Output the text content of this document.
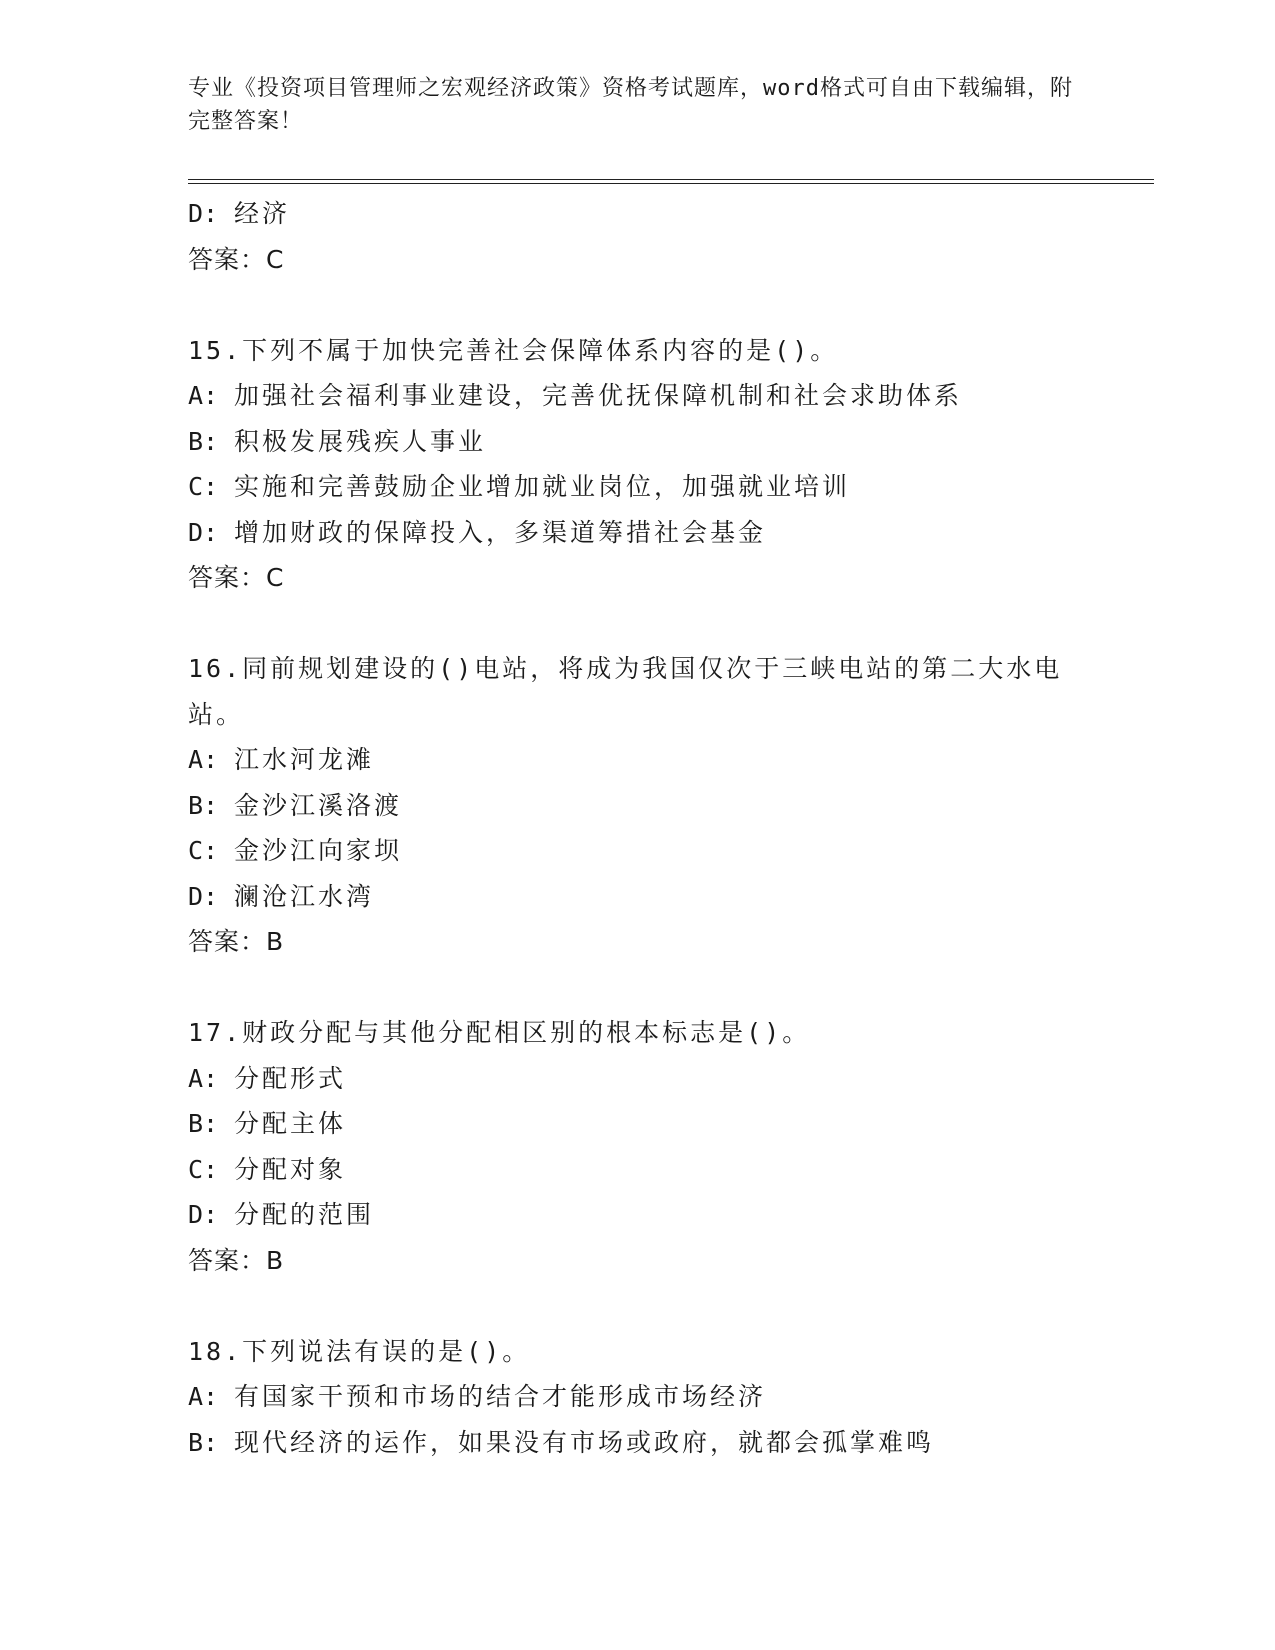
专业《投资项目管理师之宏观经济政策》资格考试题库，word格式可自由下载编辑，附完整答案！
D: 经济
答案：C
15.下列不属于加快完善社会保障体系内容的是()。
A: 加强社会福利事业建设，完善优抚保障机制和社会求助体系
B: 积极发展残疾人事业
C: 实施和完善鼓励企业增加就业岗位，加强就业培训
D: 增加财政的保障投入，多渠道筹措社会基金
答案：C
16.同前规划建设的()电站，将成为我国仅次于三峡电站的第二大水电站。
A: 江水河龙滩
B: 金沙江溪洛渡
C: 金沙江向家坝
D: 澜沧江水湾
答案：B
17.财政分配与其他分配相区别的根本标志是()。
A: 分配形式
B: 分配主体
C: 分配对象
D: 分配的范围
答案：B
18.下列说法有误的是()。
A: 有国家干预和市场的结合才能形成市场经济
B: 现代经济的运作，如果没有市场或政府，就都会孤掌难鸣
